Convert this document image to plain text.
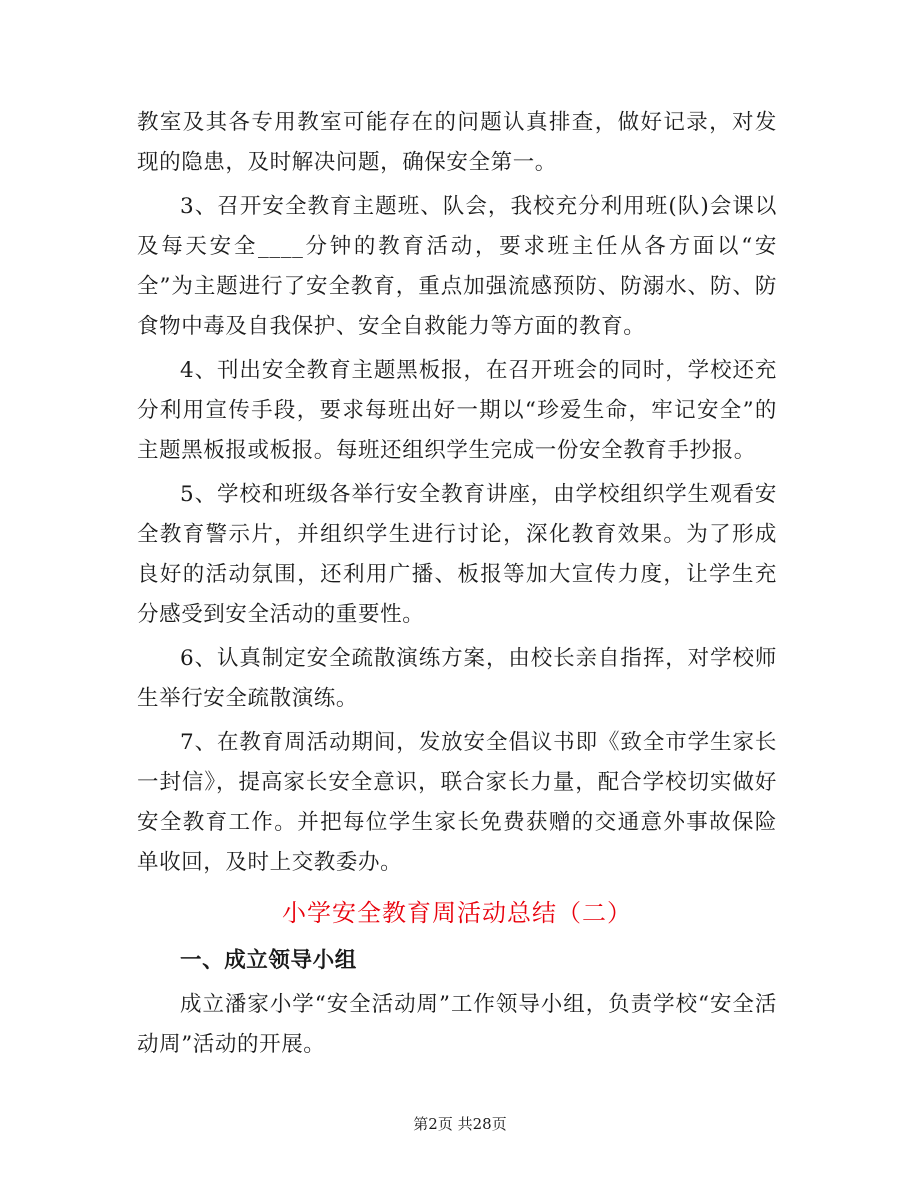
教室及其各专用教室可能存在的问题认真排查，做好记录，对发现的隐患，及时解决问题，确保安全第一。

3、召开安全教育主题班、队会，我校充分利用班(队)会课以及每天安全____分钟的教育活动，要求班主任从各方面以“安全”为主题进行了安全教育，重点加强流感预防、防溺水、防、防食物中毒及自我保护、安全自救能力等方面的教育。

4、刊出安全教育主题黑板报，在召开班会的同时，学校还充分利用宣传手段，要求每班出好一期以“珍爱生命，牢记安全”的主题黑板报或板报。每班还组织学生完成一份安全教育手抄报。

5、学校和班级各举行安全教育讲座，由学校组织学生观看安全教育警示片，并组织学生进行讨论，深化教育效果。为了形成良好的活动氛围，还利用广播、板报等加大宣传力度，让学生充分感受到安全活动的重要性。

6、认真制定安全疏散演练方案，由校长亲自指挥，对学校师生举行安全疏散演练。

7、在教育周活动期间，发放安全倡议书即《致全市学生家长一封信》，提高家长安全意识，联合家长力量，配合学校切实做好安全教育工作。并把每位学生家长免费获赠的交通意外事故保险单收回，及时上交教委办。

小学安全教育周活动总结（二）

一、成立领导小组

成立潘家小学“安全活动周”工作领导小组，负责学校“安全活动周”活动的开展。

第2页 共28页
